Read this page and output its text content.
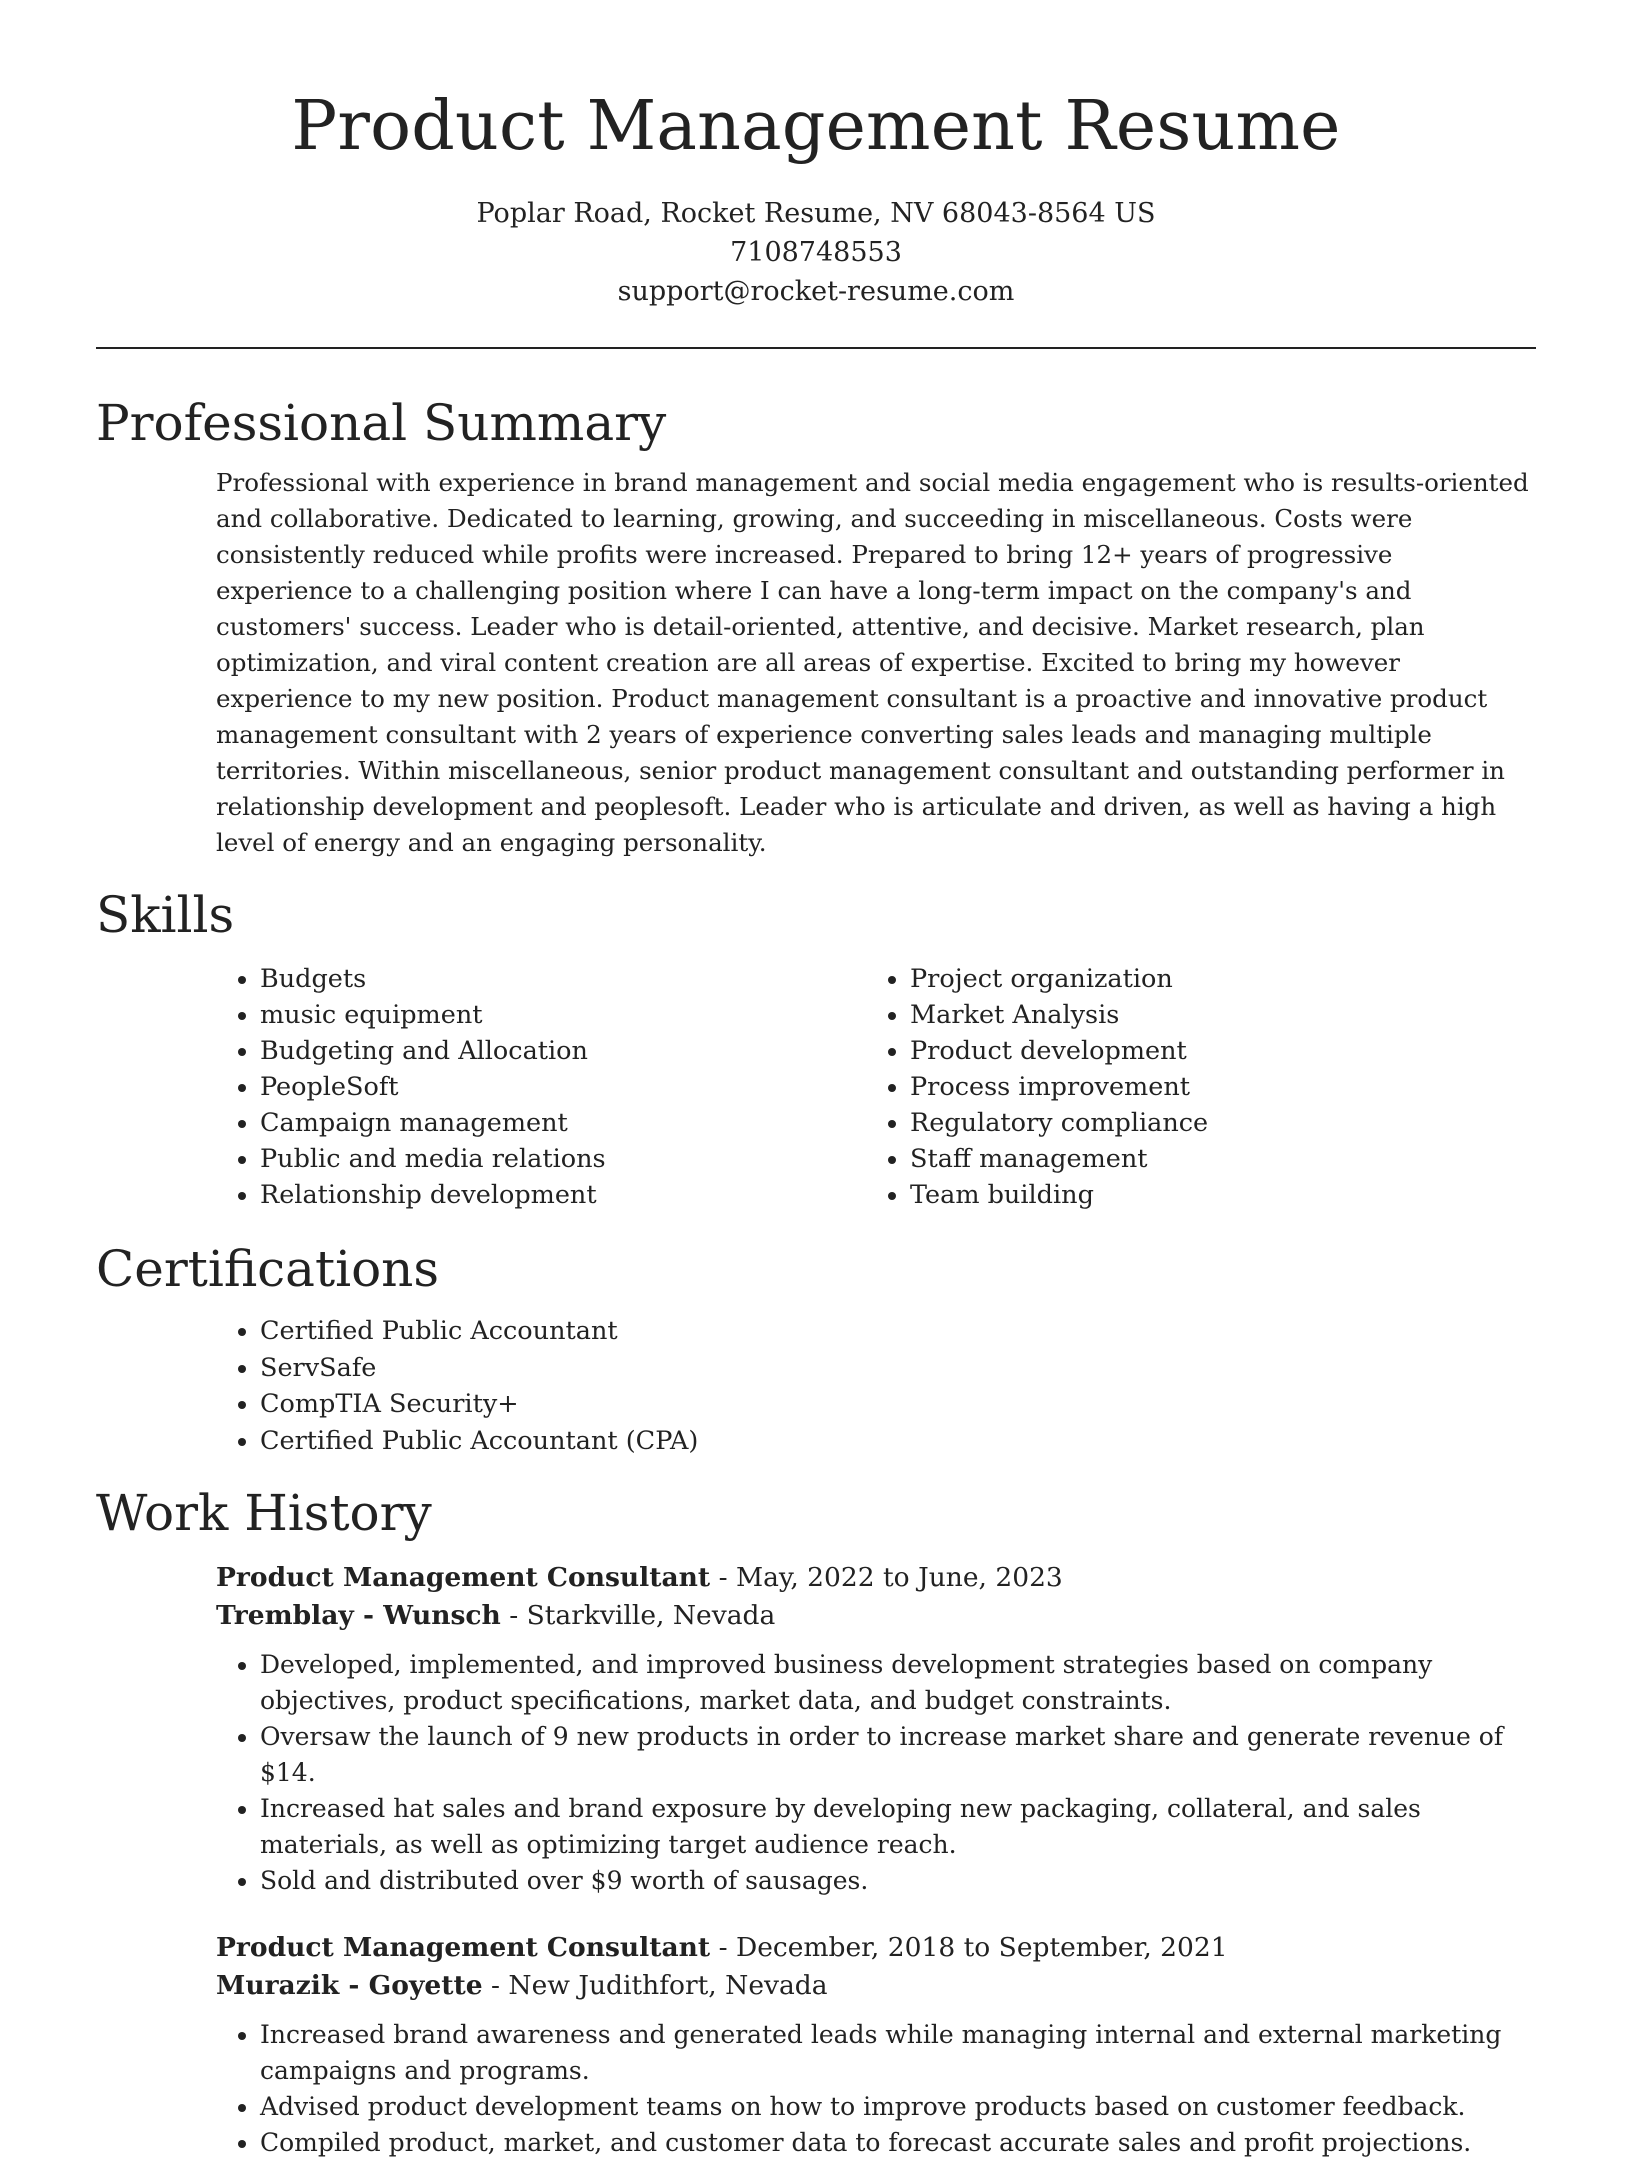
Product Management Resume
Poplar Road, Rocket Resume, NV 68043-8564 US
7108748553
support@rocket-resume.com
Professional Summary

Professional with experience in brand management and social media engagement who is results-oriented and collaborative. Dedicated to learning, growing, and succeeding in miscellaneous. Costs were consistently reduced while profits were increased. Prepared to bring 12+ years of progressive experience to a challenging position where I can have a long-term impact on the company's and customers' success. Leader who is detail-oriented, attentive, and decisive. Market research, plan optimization, and viral content creation are all areas of expertise. Excited to bring my however experience to my new position. Product management consultant is a proactive and innovative product management consultant with 2 years of experience converting sales leads and managing multiple territories. Within miscellaneous, senior product management consultant and outstanding performer in relationship development and peoplesoft. Leader who is articulate and driven, as well as having a high level of energy and an engaging personality.

Skills
• Budgets
• music equipment
• Budgeting and Allocation
• PeopleSoft
• Campaign management
• Public and media relations
• Relationship development
• Project organization
• Market Analysis
• Product development
• Process improvement
• Regulatory compliance
• Staff management
• Team building
Certifications
• Certified Public Accountant
• ServSafe
• CompTIA Security+
• Certified Public Accountant (CPA)
Work History
Product Management Consultant - May, 2022 to June, 2023
Tremblay - Wunsch - Starkville, Nevada
• Developed, implemented, and improved business development strategies based on company objectives, product specifications, market data, and budget constraints.
• Oversaw the launch of 9 new products in order to increase market share and generate revenue of $14.
• Increased hat sales and brand exposure by developing new packaging, collateral, and sales materials, as well as optimizing target audience reach.
• Sold and distributed over $9 worth of sausages.
Product Management Consultant - December, 2018 to September, 2021
Murazik - Goyette - New Judithfort, Nevada
• Increased brand awareness and generated leads while managing internal and external marketing campaigns and programs.
• Advised product development teams on how to improve products based on customer feedback.
• Compiled product, market, and customer data to forecast accurate sales and profit projections.
